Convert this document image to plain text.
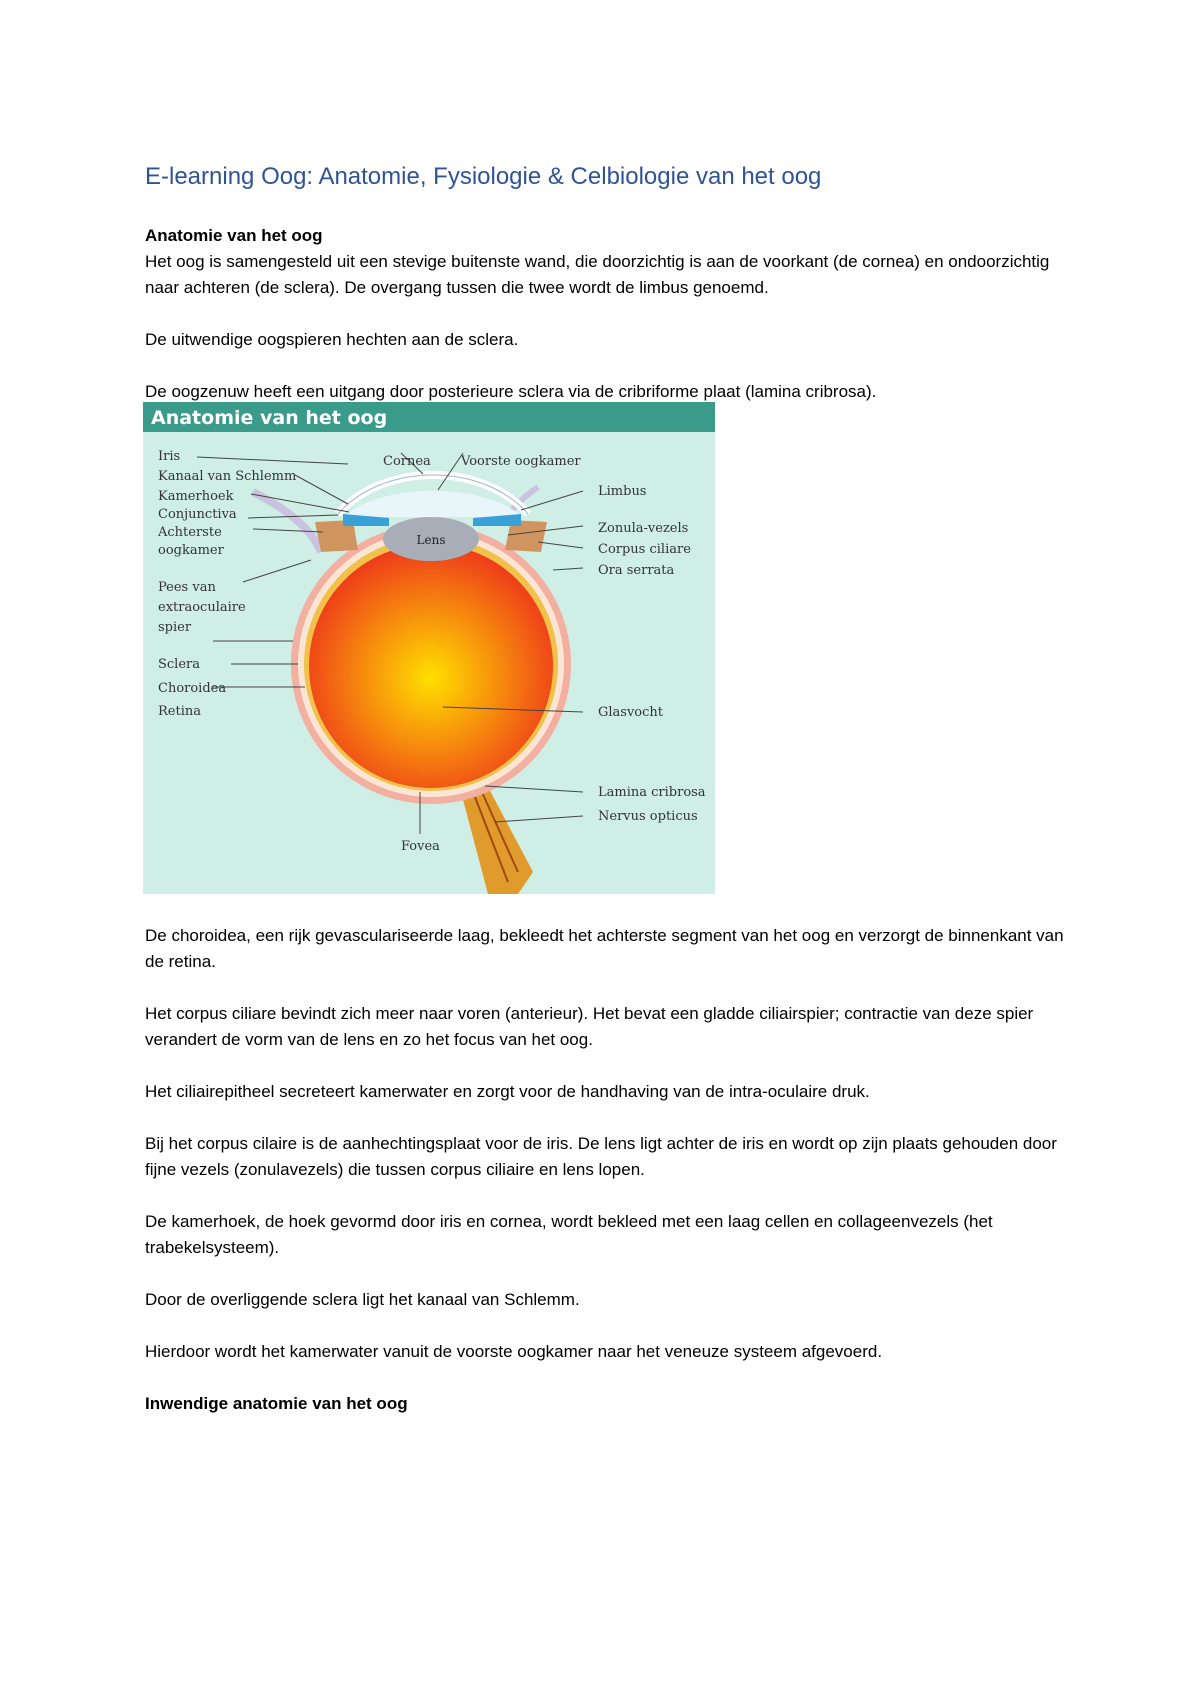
E-learning Oog: Anatomie, Fysiologie & Celbiologie van het oog

Anatomie van het oog

Het oog is samengesteld uit een stevige buitenste wand, die doorzichtig is aan de voorkant (de cornea) en ondoorzichtig naar achteren (de sclera). De overgang tussen die twee wordt de limbus genoemd.

De uitwendige oogspieren hechten aan de sclera.

De oogzenuw heeft een uitgang door posterieure sclera via de cribriforme plaat (lamina cribrosa).

Anatomie van het oog
Lens
Iris
Kanaal van Schlemm
Kamerhoek
Conjunctiva
Achterste
oogkamer
Pees van
extraoculaire
spier
Sclera
Choroidea
Retina
Cornea Voorste oogkamer
Limbus
Zonula-vezels
Corpus ciliare
Ora serrata
Glasvocht
Lamina cribrosa
Nervus opticus
Fovea

De choroidea, een rijk gevasculariseerde laag, bekleedt het achterste segment van het oog en verzorgt de binnenkant van de retina.

Het corpus ciliare bevindt zich meer naar voren (anterieur). Het bevat een gladde ciliairspier; contractie van deze spier verandert de vorm van de lens en zo het focus van het oog.

Het ciliairepitheel secreteert kamerwater en zorgt voor de handhaving van de intra-oculaire druk.

Bij het corpus cilaire is de aanhechtingsplaat voor de iris. De lens ligt achter de iris en wordt op zijn plaats gehouden door fijne vezels (zonulavezels) die tussen corpus ciliaire en lens lopen.

De kamerhoek, de hoek gevormd door iris en cornea, wordt bekleed met een laag cellen en collageenvezels (het trabekelsysteem).

Door de overliggende sclera ligt het kanaal van Schlemm.

Hierdoor wordt het kamerwater vanuit de voorste oogkamer naar het veneuze systeem afgevoerd.

Inwendige anatomie van het oog
